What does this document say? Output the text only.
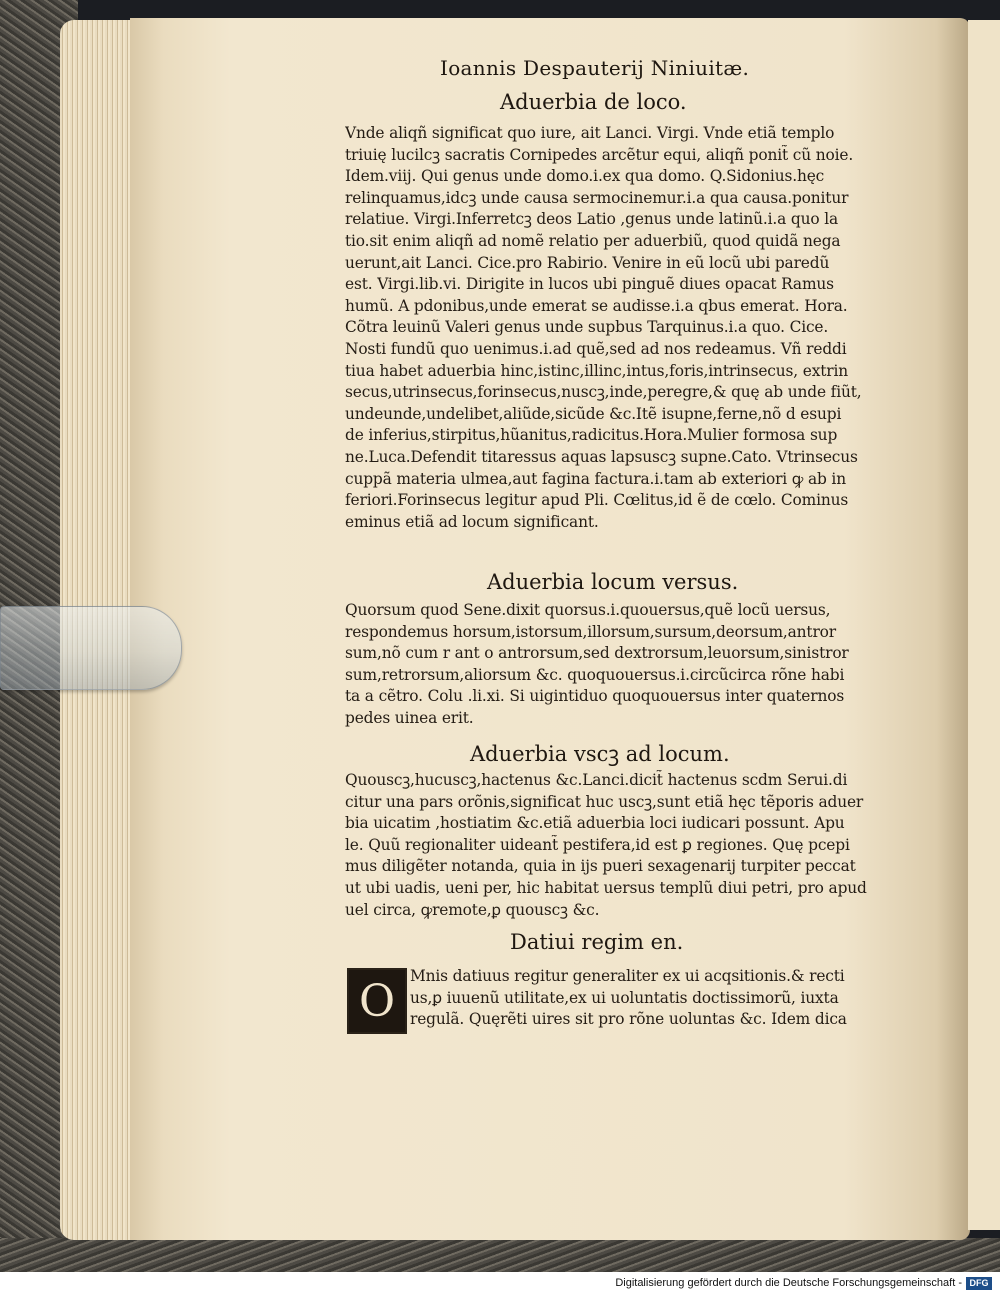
Ioannis Despauterij Niniuitæ.
Aduerbia de loco.

Vnde aliqñ significat quo iure, ait Lanci. Virgi. Vnde etiã templo

triuię lucilcꝫ sacratis Cornipedes arcẽtur equi, aliqñ ponit̃ cũ noie.

Idem.viij. Qui genus unde domo.i.ex qua domo. Q.Sidonius.hęc

relinquamus,idcꝫ unde causa sermocinemur.i.a qua causa.ponitur

relatiue. Virgi.Inferretcꝫ deos Latio ,genus unde latinũ.i.a quo la

tio.sit enim aliqñ ad nomẽ relatio per aduerbiũ, quod quidã nega

uerunt,ait Lanci. Cice.pro Rabirio. Venire in eũ locũ ubi paredũ

est. Virgi.lib.vi. Dirigite in lucos ubi pinguẽ diues opacat Ramus

humũ. A pdonibus,unde emerat se audisse.i.a qbus emerat. Hora.

Cõtra leuinũ Valeri genus unde supbus Tarquinus.i.a quo. Cice.

Nosti fundũ quo uenimus.i.ad quẽ,sed ad nos redeamus. Vñ reddi

tiua habet aduerbia hinc,istinc,illinc,intus,foris,intrinsecus, extrin

secus,utrinsecus,forinsecus,nuscꝫ,inde,peregre,& quę ab unde fiũt,

undeunde,undelibet,aliũde,sicũde &c.Itẽ isupne,ferne,nõ d esupi

de inferius,stirpitus,hũanitus,radicitus.Hora.Mulier formosa sup

ne.Luca.Defendit titaressus aquas lapsuscꝫ supne.Cato. Vtrinsecus

cuppã materia ulmea,aut fagina factura.i.tam ab exteriori ꝙ ab in

feriori.Forinsecus legitur apud Pli. Cœlitus,id ẽ de cœlo. Cominus

eminus etiã ad locum significant.

Aduerbia locum versus.

Quorsum quod Sene.dixit quorsus.i.quouersus,quẽ locũ uersus,

respondemus horsum,istorsum,illorsum,sursum,deorsum,antror

sum,nõ cum r ant o antrorsum,sed dextrorsum,leuorsum,sinistror

sum,retrorsum,aliorsum &c. quoquouersus.i.circũcirca rõne habi

ta a cẽtro. Colu .li.xi. Si uigintiduo quoquouersus inter quaternos

pedes uinea erit.

Aduerbia vscꝫ ad locum.

Quouscꝫ,hucuscꝫ,hactenus &c.Lanci.dicit̃ hactenus scdm Serui.di

citur una pars orõnis,significat huc uscꝫ,sunt etiã hęc tẽporis aduer

bia uicatim ,hostiatim &c.etiã aduerbia loci iudicari possunt. Apu

le. Quũ regionaliter uideant̃ pestifera,id est ꝑ regiones. Quę pcepi

mus diligẽter notanda, quia in ijs pueri sexagenarij turpiter peccat

ut ubi uadis, ueni per, hic habitat uersus templũ diui petri, pro apud

uel circa, ꝙremote,ꝑ quouscꝫ &c.

Datiui regim en.
O Mnis datiuus regitur generaliter ex ui acqsitionis.& recti

us,ꝑ iuuenũ utilitate,ex ui uoluntatis doctissimorũ, iuxta

regulã. Quęrẽti uires sit pro rõne uoluntas &c. Idem dica

Digitalisierung gefördert durch die Deutsche Forschungsgemeinschaft - DFG
